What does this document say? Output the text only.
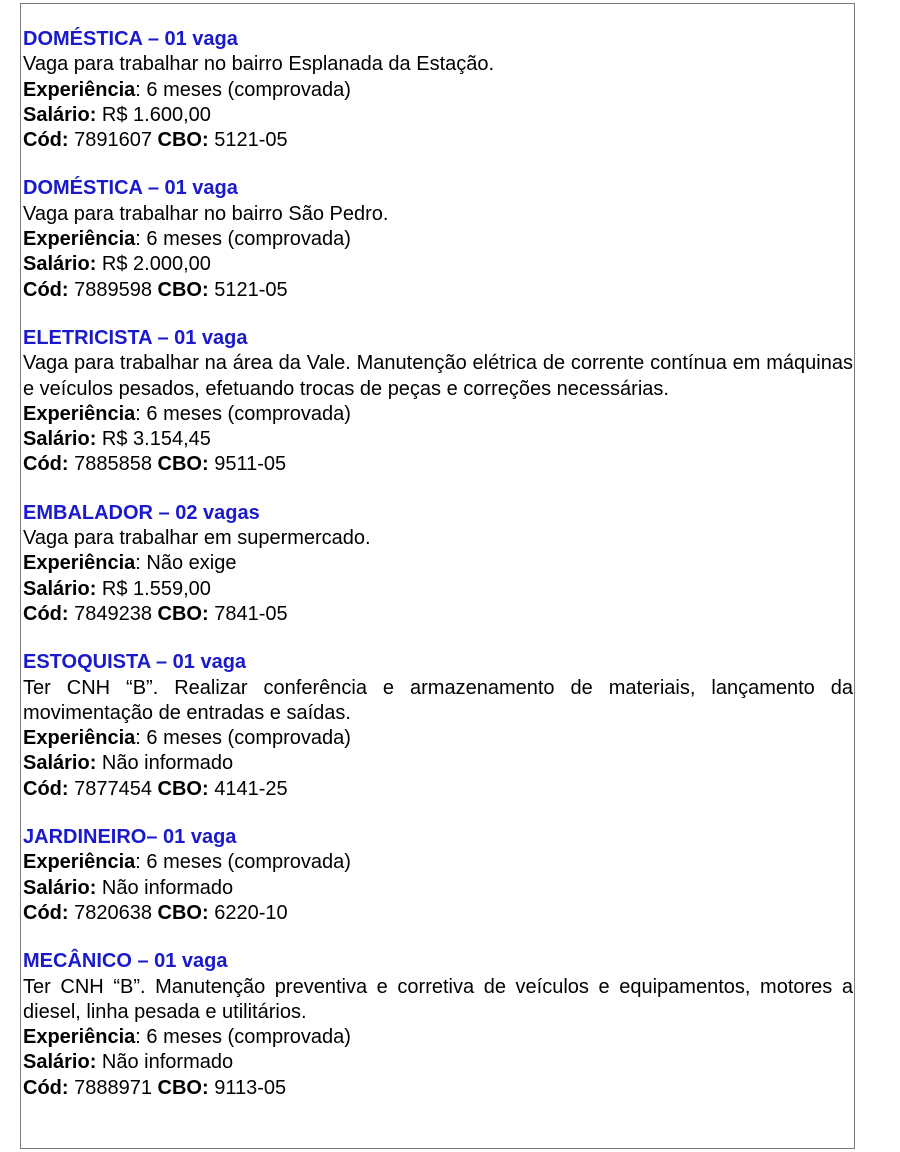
DOMÉSTICA – 01 vaga
Vaga para trabalhar no bairro Esplanada da Estação.
Experiência: 6 meses (comprovada)
Salário: R$ 1.600,00
Cód: 7891607 CBO: 5121-05
DOMÉSTICA – 01 vaga
Vaga para trabalhar no bairro São Pedro.
Experiência: 6 meses (comprovada)
Salário: R$ 2.000,00
Cód: 7889598 CBO: 5121-05
ELETRICISTA – 01 vaga
Vaga para trabalhar na área da Vale. Manutenção elétrica de corrente contínua em máquinas e veículos pesados, efetuando trocas de peças e correções necessárias.
Experiência: 6 meses (comprovada)
Salário: R$ 3.154,45
Cód: 7885858 CBO: 9511-05
EMBALADOR – 02 vagas
Vaga para trabalhar em supermercado.
Experiência: Não exige
Salário: R$ 1.559,00
Cód: 7849238 CBO: 7841-05
ESTOQUISTA – 01 vaga
Ter CNH “B”. Realizar conferência e armazenamento de materiais, lançamento da movimentação de entradas e saídas.
Experiência: 6 meses (comprovada)
Salário: Não informado
Cód: 7877454 CBO: 4141-25
JARDINEIRO– 01 vaga
Experiência: 6 meses (comprovada)
Salário: Não informado
Cód: 7820638 CBO: 6220-10
MECÂNICO – 01 vaga
Ter CNH “B”. Manutenção preventiva e corretiva de veículos e equipamentos, motores a diesel, linha pesada e utilitários.
Experiência: 6 meses (comprovada)
Salário: Não informado
Cód: 7888971 CBO: 9113-05
